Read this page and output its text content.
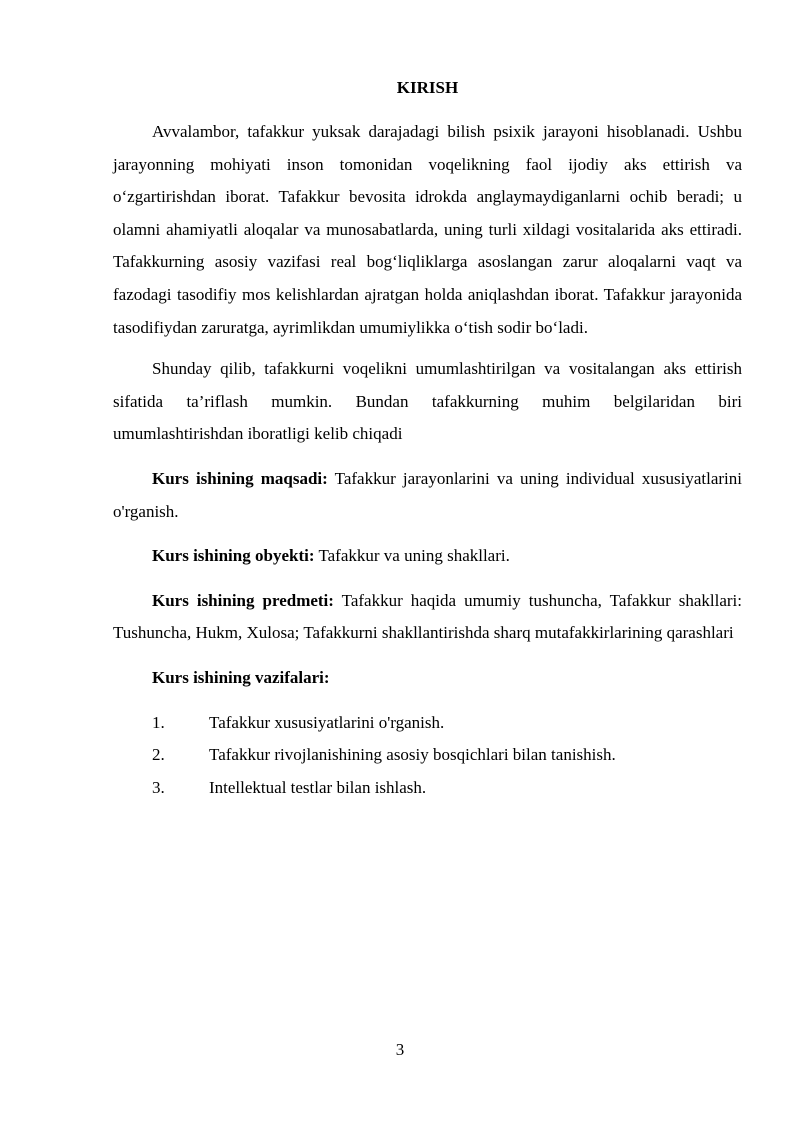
KIRISH

Avvalambor, tafakkur yuksak darajadagi bilish psixik jarayoni hisoblanadi. Ushbu jarayonning mohiyati inson tomonidan voqelikning faol ijodiy aks ettirish va o‘zgartirishdan iborat. Tafakkur bevosita idrokda anglaymaydiganlarni ochib beradi; u olamni ahamiyatli aloqalar va munosabatlarda, uning turli xildagi vositalarida aks ettiradi. Tafakkurning asosiy vazifasi real bog‘liqliklarga asoslangan zarur aloqalarni vaqt va fazodagi tasodifiy mos kelishlardan ajratgan holda aniqlashdan iborat. Tafakkur jarayonida tasodifiydan zaruratga, ayrimlikdan umumiylikka o‘tish sodir bo‘ladi.

Shunday qilib, tafakkurni voqelikni umumlashtirilgan va vositalangan aks ettirish sifatida ta’riflash mumkin. Bundan tafakkurning muhim belgilaridan biri umumlashtirishdan iboratligi kelib chiqadi

Kurs ishining maqsadi: Tafakkur jarayonlarini va uning individual xususiyatlarini o'rganish.

Kurs ishining obyekti: Tafakkur va uning shakllari.

Kurs ishining predmeti: Tafakkur haqida umumiy tushuncha, Tafakkur shakllari: Tushuncha, Hukm, Xulosa; Tafakkurni shakllantirishda sharq mutafakkirlarining qarashlari

Kurs ishining vazifalari:

1.	Tafakkur xususiyatlarini o'rganish.
2.	Tafakkur rivojlanishining asosiy bosqichlari bilan tanishish.
3.	Intellektual testlar bilan ishlash.
3
